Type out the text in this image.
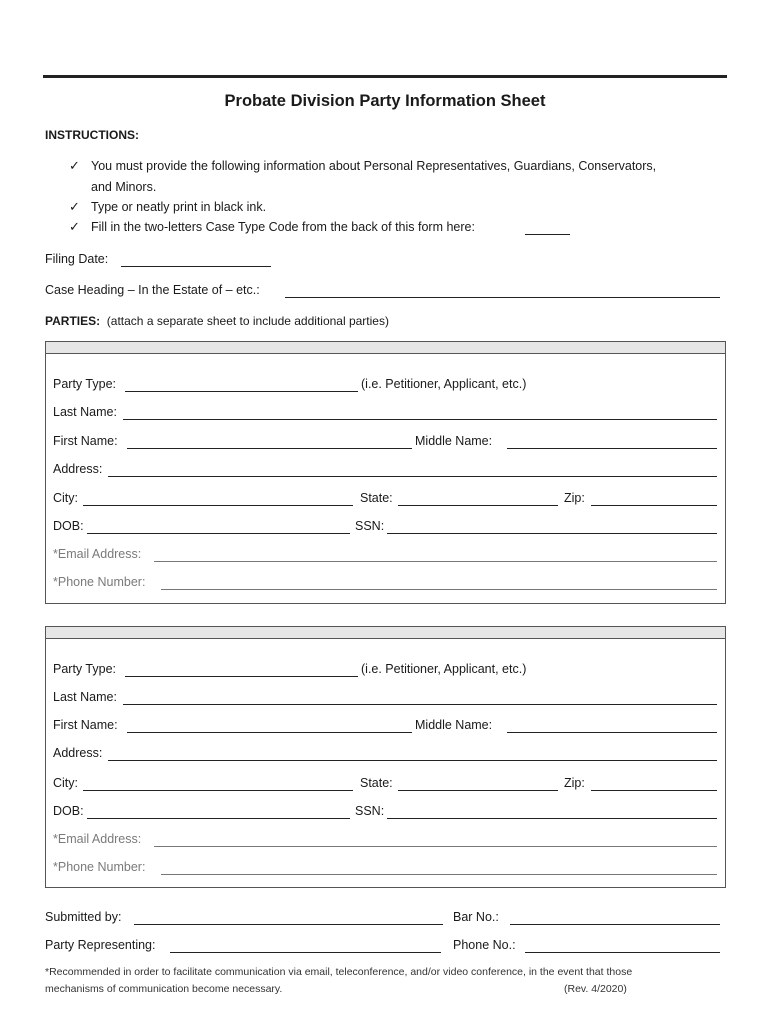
Probate Division Party Information Sheet
INSTRUCTIONS:
✓ You must provide the following information about Personal Representatives, Guardians, Conservators,
and Minors.
✓ Type or neatly print in black ink.
✓ Fill in the two-letters Case Type Code from the back of this form here:
Filing Date:
Case Heading – In the Estate of – etc.:
PARTIES: (attach a separate sheet to include additional parties)
Party Type:	(i.e. Petitioner, Applicant, etc.)
Last Name:
First Name:	Middle Name:
Address:
City:	State:	Zip:
DOB:	SSN:
*Email Address:
*Phone Number:
Party Type:	(i.e. Petitioner, Applicant, etc.)
Last Name:
First Name:	Middle Name:
Address:
City:	State:	Zip:
DOB:	SSN:
*Email Address:
*Phone Number:
Submitted by:	Bar No.:
Party Representing:	Phone No.:
*Recommended in order to facilitate communication via email, teleconference, and/or video conference, in the event that those
mechanisms of communication become necessary.	(Rev. 4/2020)
